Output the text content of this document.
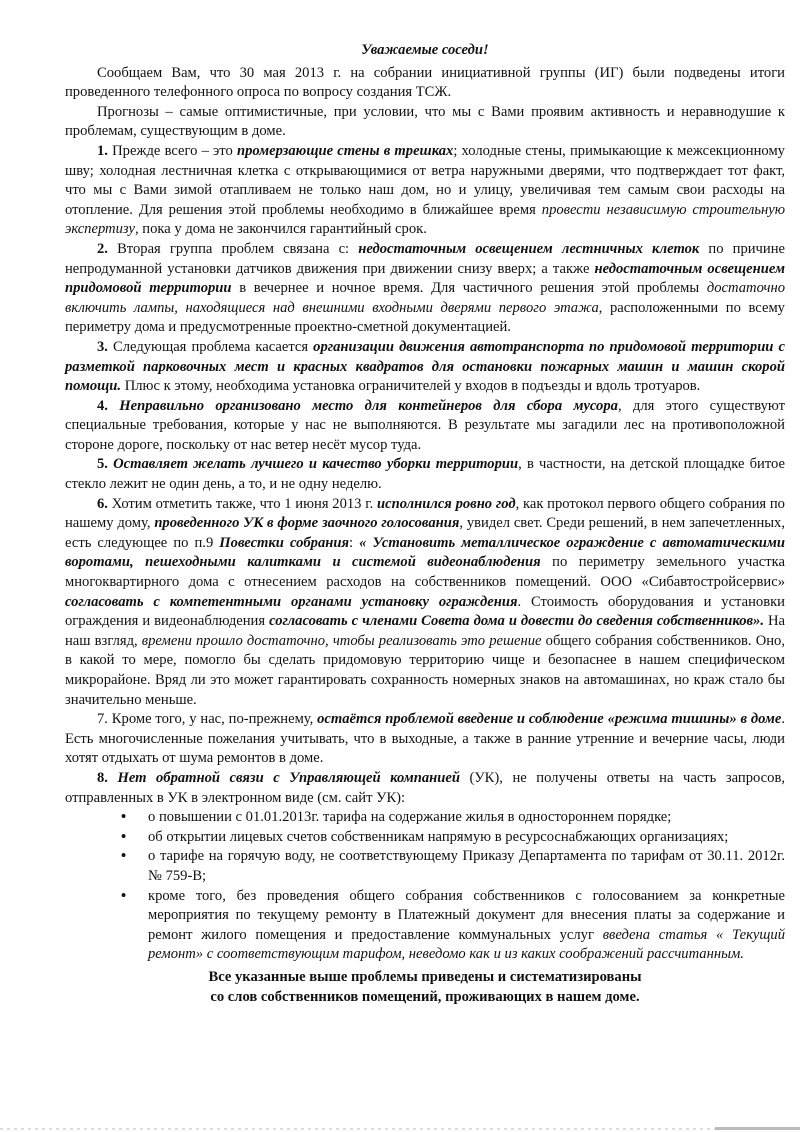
Уважаемые соседи!

Сообщаем Вам, что 30 мая 2013 г. на собрании инициативной группы (ИГ) были подведены итоги проведенного телефонного опроса по вопросу создания ТСЖ.

Прогнозы – самые оптимистичные, при условии, что мы с Вами проявим активность и неравнодушие к проблемам, существующим в доме.

1. Прежде всего – это промерзающие стены в трешках; холодные стены, примыкающие к межсекционному шву; холодная лестничная клетка с открывающимися от ветра наружными дверями, что подтверждает тот факт, что мы с Вами зимой отапливаем не только наш дом, но и улицу, увеличивая тем самым свои расходы на отопление. Для решения этой проблемы необходимо в ближайшее время провести независимую строительную экспертизу, пока у дома не закончился гарантийный срок.

2. Вторая группа проблем связана с: недостаточным освещением лестничных клеток по причине непродуманной установки датчиков движения при движении снизу вверх; а также недостаточным освещением придомовой территории в вечернее и ночное время. Для частичного решения этой проблемы достаточно включить лампы, находящиеся над внешними входными дверями первого этажа, расположенными по всему периметру дома и предусмотренные проектно-сметной документацией.

3. Следующая проблема касается организации движения автотранспорта по придомовой территории с разметкой парковочных мест и красных квадратов для остановки пожарных машин и машин скорой помощи. Плюс к этому, необходима установка ограничителей у входов в подъезды и вдоль тротуаров.

4. Неправильно организовано место для контейнеров для сбора мусора, для этого существуют специальные требования, которые у нас не выполняются. В результате мы загадили лес на противоположной стороне дороге, поскольку от нас ветер несёт мусор туда.

5. Оставляет желать лучшего и качество уборки территории, в частности, на детской площадке битое стекло лежит не один день, а то, и не одну неделю.

6. Хотим отметить также, что 1 июня 2013 г. исполнился ровно год, как протокол первого общего собрания по нашему дому, проведенного УК в форме заочного голосования, увидел свет. Среди решений, в нем запечетленных, есть следующее по п.9 Повестки собрания: « Установить металлическое ограждение с автоматическими воротами, пешеходными калитками и системой видеонаблюдения по периметру земельного участка многоквартирного дома с отнесением расходов на собственников помещений. ООО «Сибавтостройсервис» согласовать с компетентными органами установку ограждения. Стоимость оборудования и установки ограждения и видеонаблюдения согласовать с членами Совета дома и довести до сведения собственников». На наш взгляд, времени прошло достаточно, чтобы реализовать это решение общего собрания собственников. Оно, в какой то мере, помогло бы сделать придомовую территорию чище и безопаснее в нашем специфическом микрорайоне. Вряд ли это может гарантировать сохранность номерных знаков на автомашинах, но краж стало бы значительно меньше.

7. Кроме того, у нас, по-прежнему, остаётся проблемой введение и соблюдение «режима тишины» в доме. Есть многочисленные пожелания учитывать, что в выходные, а также в ранние утренние и вечерние часы, люди хотят отдыхать от шума ремонтов в доме.

8. Нет обратной связи с Управляющей компанией (УК), не получены ответы на часть запросов, отправленных в УК в электронном виде (см. сайт УК):

• о повышении с 01.01.2013г. тарифа на содержание жилья в одностороннем порядке;
• об открытии лицевых счетов собственникам напрямую в ресурсоснабжающих организациях;
• о тарифе на горячую воду, не соответствующему Приказу Департамента по тарифам от 30.11. 2012г. № 759-В;
• кроме того, без проведения общего собрания собственников с голосованием за конкретные мероприятия по текущему ремонту в Платежный документ для внесения платы за содержание и ремонт жилого помещения и предоставление коммунальных услуг введена статья « Текущий ремонт» с соответствующим тарифом, неведомо как и из каких соображений рассчитанным.
Все указанные выше проблемы приведены и систематизированы
со слов собственников помещений, проживающих в нашем доме.
